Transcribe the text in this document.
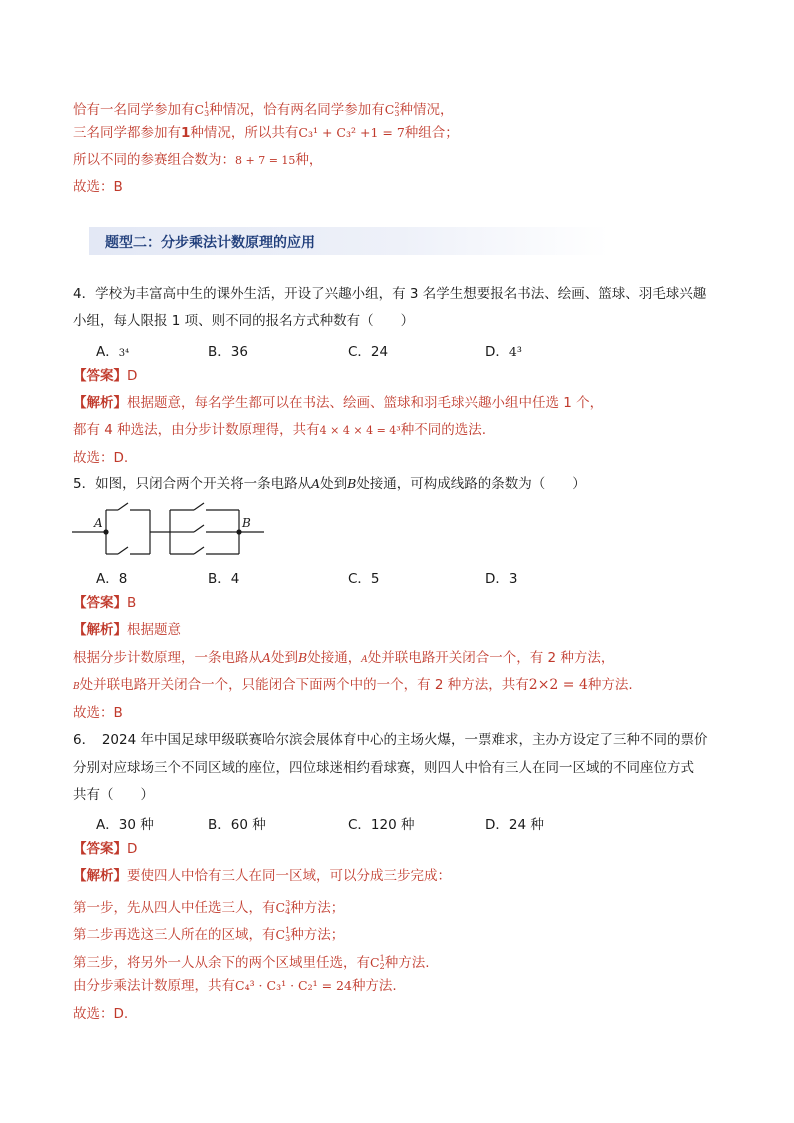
恰有一名同学参加有$C_3^1$种情况，恰有两名同学参加有$C_3^2$种情况，
三名同学都参加有1种情况，所以共有C₃¹ + C₃² +1 = 7种组合；
所以不同的参赛组合数为：8 + 7 = 15种，
故选：B
题型二：分步乘法计数原理的应用
4．学校为丰富高中生的课外生活，开设了兴趣小组，有 3 名学生想要报名书法、绘画、篮球、羽毛球兴趣
小组，每人限报 1 项、则不同的报名方式种数有（　　）
A．3⁴	B．36	C．24	D．4³
【答案】D
【解析】根据题意，每名学生都可以在书法、绘画、篮球和羽毛球兴趣小组中任选 1 个，
都有 4 种选法，由分步计数原理得，共有4 × 4 × 4 = 4³种不同的选法.
故选：D.
5．如图，只闭合两个开关将一条电路从A处到B处接通，可构成线路的条数为（　　）
A	B
A．8	B．4	C．5	D．3
【答案】B
【解析】根据题意
根据分步计数原理，一条电路从A处到B处接通，A处并联电路开关闭合一个，有 2 种方法，
B处并联电路开关闭合一个，只能闭合下面两个中的一个，有 2 种方法，共有2×2 = 4种方法.
故选：B
6．　2024 年中国足球甲级联赛哈尔滨会展体育中心的主场火爆，一票难求，主办方设定了三种不同的票价
分别对应球场三个不同区域的座位，四位球迷相约看球赛，则四人中恰有三人在同一区域的不同座位方式
共有（　　）
A．30 种	B．60 种	C．120 种	D．24 种
【答案】D
【解析】要使四人中恰有三人在同一区域，可以分成三步完成：
第一步，先从四人中任选三人，有$C_4^3$种方法；
第二步再选这三人所在的区域，有$C_3^1$种方法；
第三步，将另外一人从余下的两个区域里任选，有$C_2^1$种方法.
由分步乘法计数原理，共有C₄³ · C₃¹ · C₂¹ = 24种方法.
故选：D.
